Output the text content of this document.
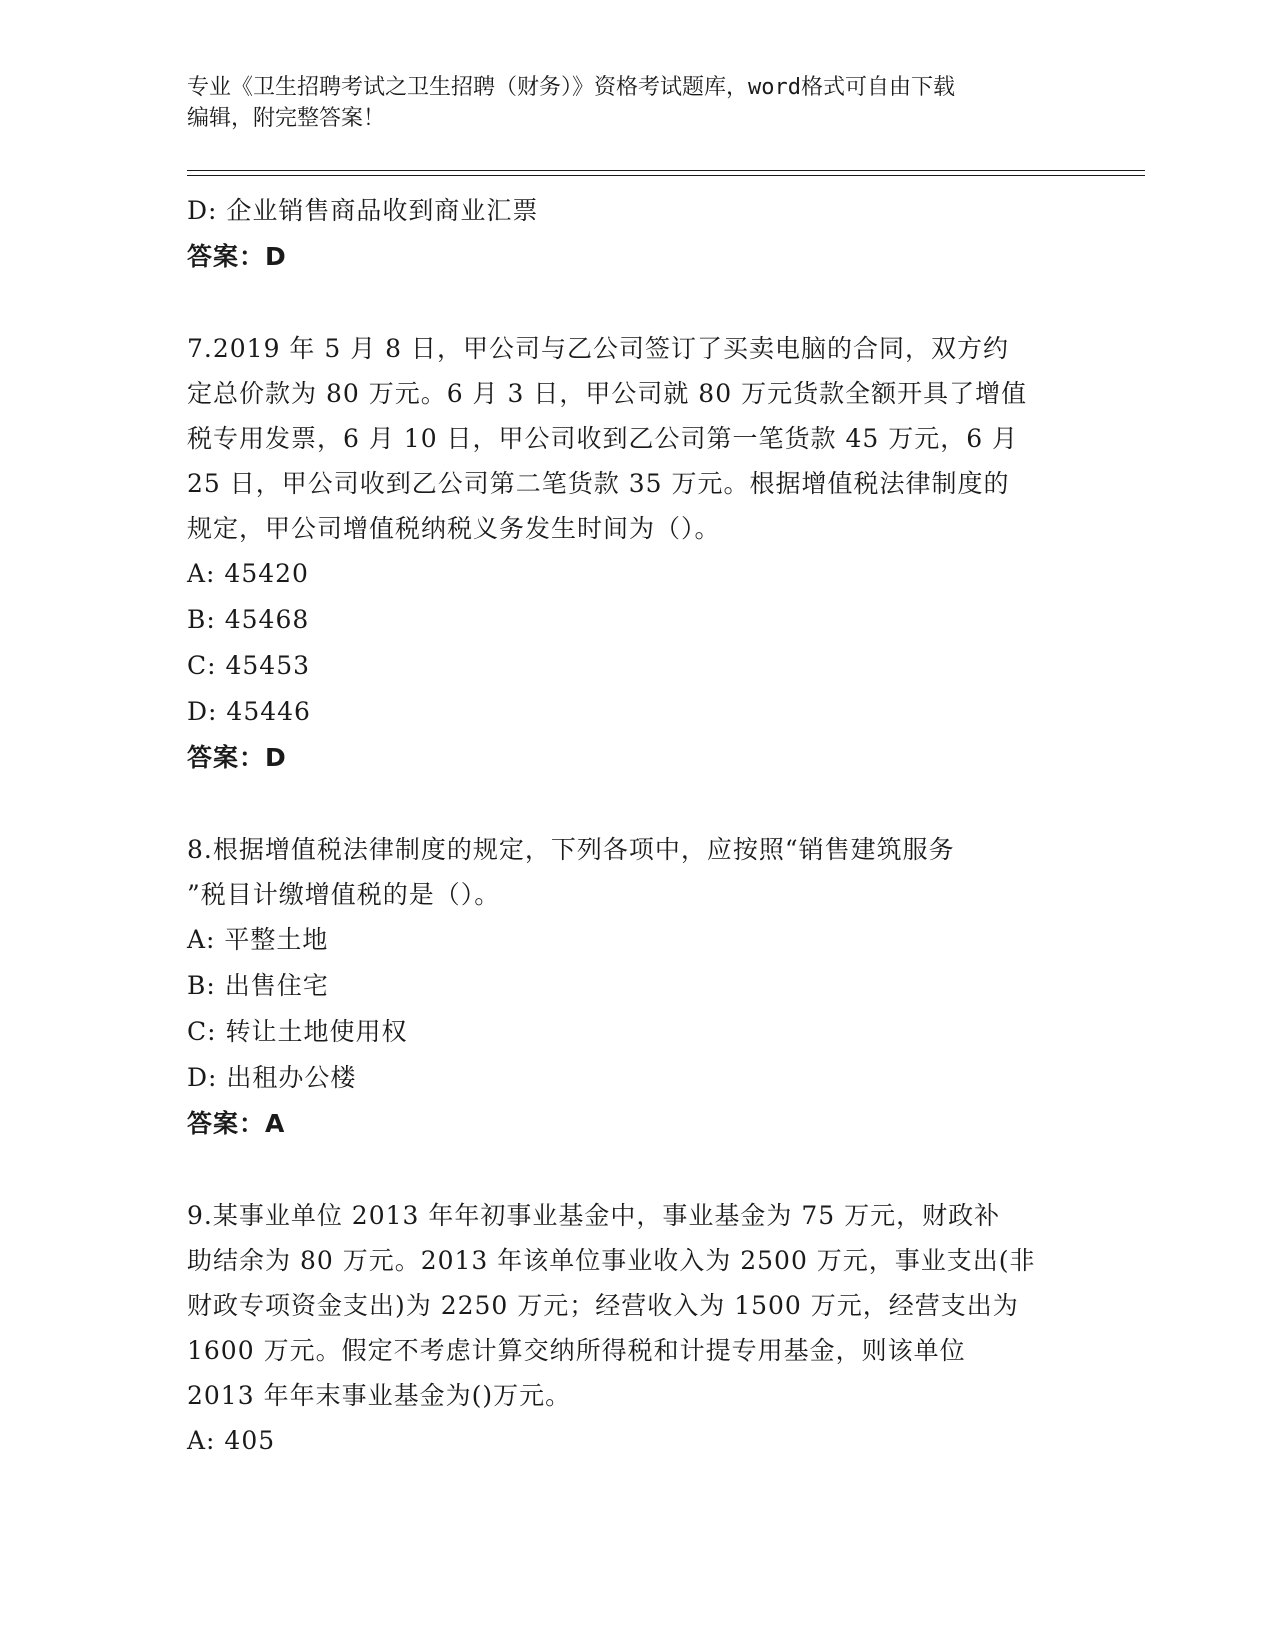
专业《卫生招聘考试之卫生招聘（财务）》资格考试题库，word格式可自由下载
编辑，附完整答案！
D: 企业销售商品收到商业汇票
答案：D
7.2019 年 5 月 8 日，甲公司与乙公司签订了买卖电脑的合同，双方约
定总价款为 80 万元。6 月 3 日，甲公司就 80 万元货款全额开具了增值
税专用发票，6 月 10 日，甲公司收到乙公司第一笔货款 45 万元，6 月
25 日，甲公司收到乙公司第二笔货款 35 万元。根据增值税法律制度的
规定，甲公司增值税纳税义务发生时间为（）。
A: 45420
B: 45468
C: 45453
D: 45446
答案：D
8.根据增值税法律制度的规定，下列各项中，应按照“销售建筑服务
”税目计缴增值税的是（）。
A: 平整土地
B: 出售住宅
C: 转让土地使用权
D: 出租办公楼
答案：A
9.某事业单位 2013 年年初事业基金中，事业基金为 75 万元，财政补
助结余为 80 万元。2013 年该单位事业收入为 2500 万元，事业支出(非
财政专项资金支出)为 2250 万元；经营收入为 1500 万元，经营支出为
1600 万元。假定不考虑计算交纳所得税和计提专用基金，则该单位
2013 年年末事业基金为()万元。
A: 405
